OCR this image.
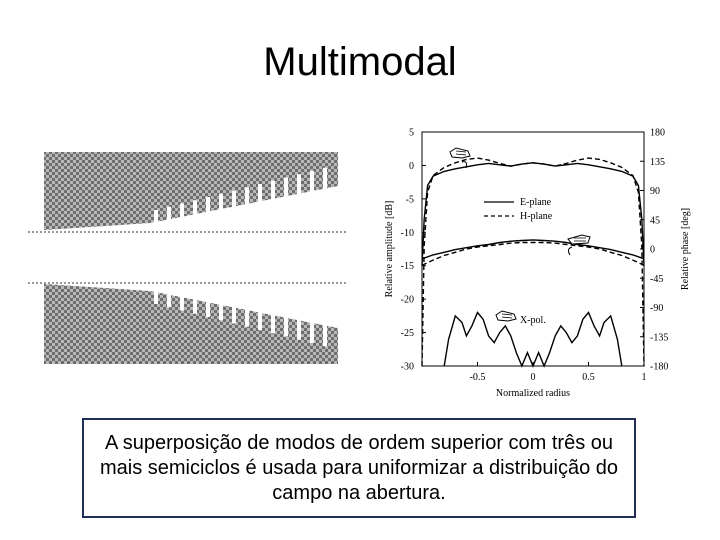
Multimodal
5
0
-5
-10
-15
-20
-25
-30
180
135
90
45
0
-45
-90
-135
-180
-0.5	0	0.5	1
Normalized radius
Relative amplitude [dB]	Relative phase [deg]
E-plane
H-plane
X-pol.
A superposição de modos de ordem superior com três ou mais semiciclos é usada para uniformizar a distribuição do campo na abertura.
